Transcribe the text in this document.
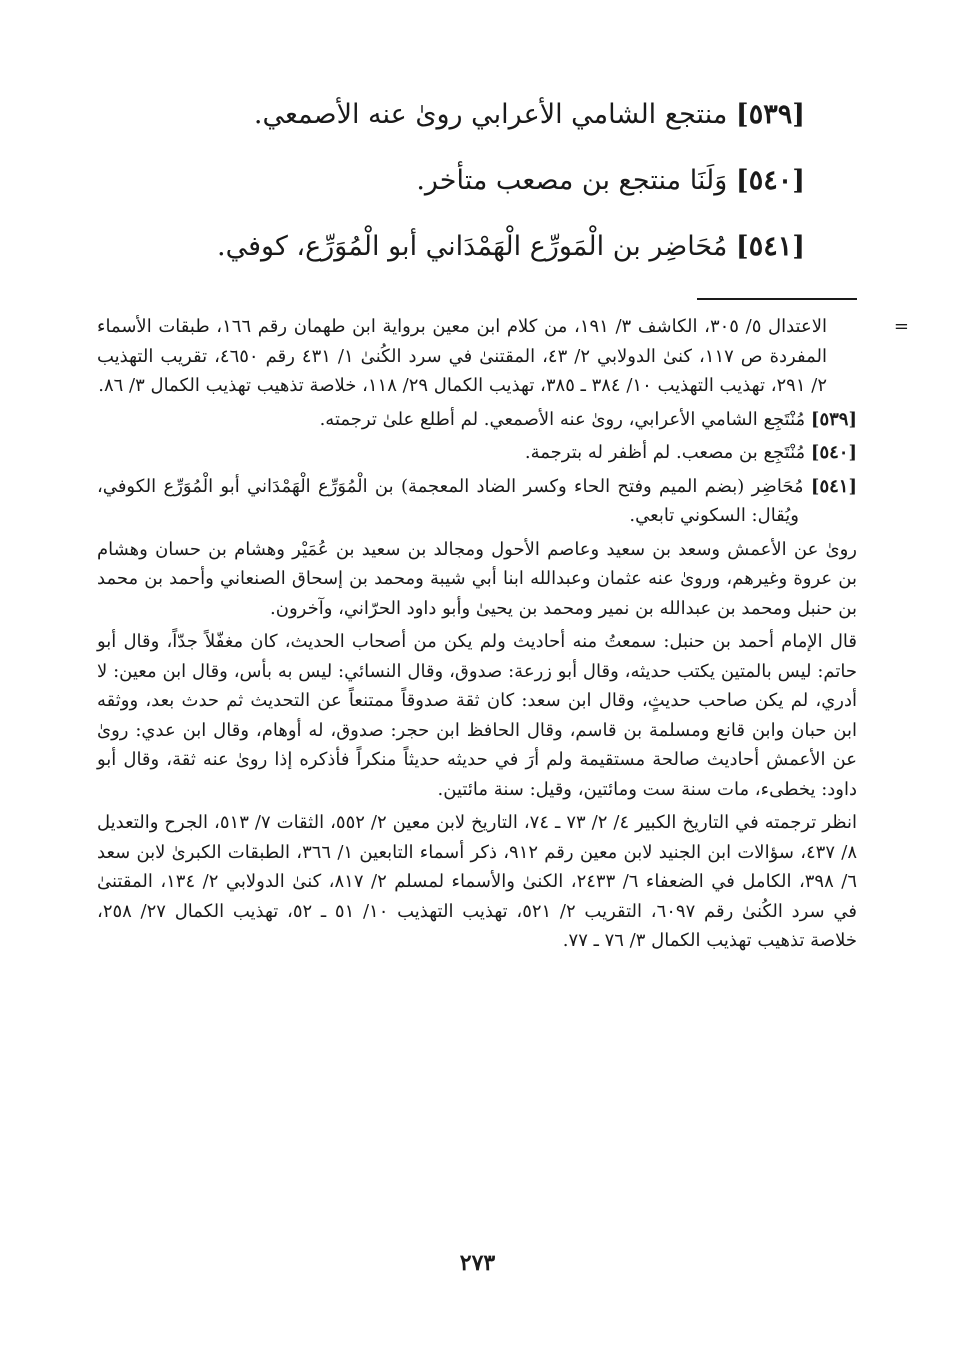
[٥٣٩] منتجع الشامي الأعرابي روىٰ عنه الأصمعي.
[٥٤٠] وَلَنَا منتجع بن مصعب متأخر.
[٥٤١] مُحَاضِر بن الْمَورِّع الْهَمْدَاني أبو الْمُوَرِّع، كوفي.

=
الاعتدال ٥/ ٣٠٥، الكاشف ٣/ ١٩١، من كلام ابن معين برواية ابن طهمان رقم ١٦٦، طبقات الأسماء المفردة ص ١١٧، كنىٰ الدولابي ٢/ ٤٣، المقتنىٰ في سرد الكُنىٰ ١/ ٤٣١ رقم ٤٦٥٠، تقريب التهذيب ٢/ ٢٩١، تهذيب التهذيب ١٠/ ٣٨٤ ـ ٣٨٥، تهذيب الكمال ٢٩/ ١١٨، خلاصة تذهيب تهذيب الكمال ٣/ ٨٦.

[٥٣٩] مُنْتَجِع الشامي الأعرابي، روىٰ عنه الأصمعي. لم أطلع علىٰ ترجمته.

[٥٤٠] مُنْتَجِع بن مصعب. لم أظفر له بترجمة.

[٥٤١] مُحَاضِر (بضم الميم وفتح الحاء وكسر الضاد المعجمة) بن الْمُوَرِّع الْهَمْدَاني أبو الْمُوَرِّع الكوفي، ويُقال: السكوني تابعي.

روىٰ عن الأعمش وسعد بن سعيد وعاصم الأحول ومجالد بن سعيد بن عُمَيْر وهشام بن حسان وهشام بن عروة وغيرهم، وروىٰ عنه عثمان وعبدالله ابنا أبي شيبة ومحمد بن إسحاق الصنعاني وأحمد بن محمد بن حنبل ومحمد بن عبدالله بن نمير ومحمد بن يحيىٰ وأبو داود الحرّاني، وآخرون.

قال الإمام أحمد بن حنبل: سمعتُ منه أحاديث ولم يكن من أصحاب الحديث، كان مغفّلاً جدّاً، وقال أبو حاتم: ليس بالمتين يكتب حديثه، وقال أبو زرعة: صدوق، وقال النسائي: ليس به بأس، وقال ابن معين: لا أدري، لم يكن صاحب حديثٍ، وقال ابن سعد: كان ثقة صدوقاً ممتنعاً عن التحديث ثم حدث بعد، ووثقه ابن حبان وابن قانع ومسلمة بن قاسم، وقال الحافظ ابن حجر: صدوق، له أوهام، وقال ابن عدي: روىٰ عن الأعمش أحاديث صالحة مستقيمة ولم أرَ في حديثه حديثاً منكراً فأذكره إذا روىٰ عنه ثقة، وقال أبو داود: يخطىء، مات سنة ست ومائتين، وقيل: سنة مائتين.

انظر ترجمته في التاريخ الكبير ٤/ ٢/ ٧٣ ـ ٧٤، التاريخ لابن معين ٢/ ٥٥٢، الثقات ٧/ ٥١٣، الجرح والتعديل ٨/ ٤٣٧، سؤالات ابن الجنيد لابن معين رقم ٩١٢، ذكر أسماء التابعين ١/ ٣٦٦، الطبقات الكبرىٰ لابن سعد ٦/ ٣٩٨، الكامل في الضعفاء ٦/ ٢٤٣٣، الكنىٰ والأسماء لمسلم ٢/ ٨١٧، كنىٰ الدولابي ٢/ ١٣٤، المقتنىٰ في سرد الكُنىٰ رقم ٦٠٩٧، التقريب ٢/ ٥٢١، تهذيب التهذيب ١٠/ ٥١ ـ ٥٢، تهذيب الكمال ٢٧/ ٢٥٨، خلاصة تذهيب تهذيب الكمال ٣/ ٧٦ ـ ٧٧.

٢٧٣
